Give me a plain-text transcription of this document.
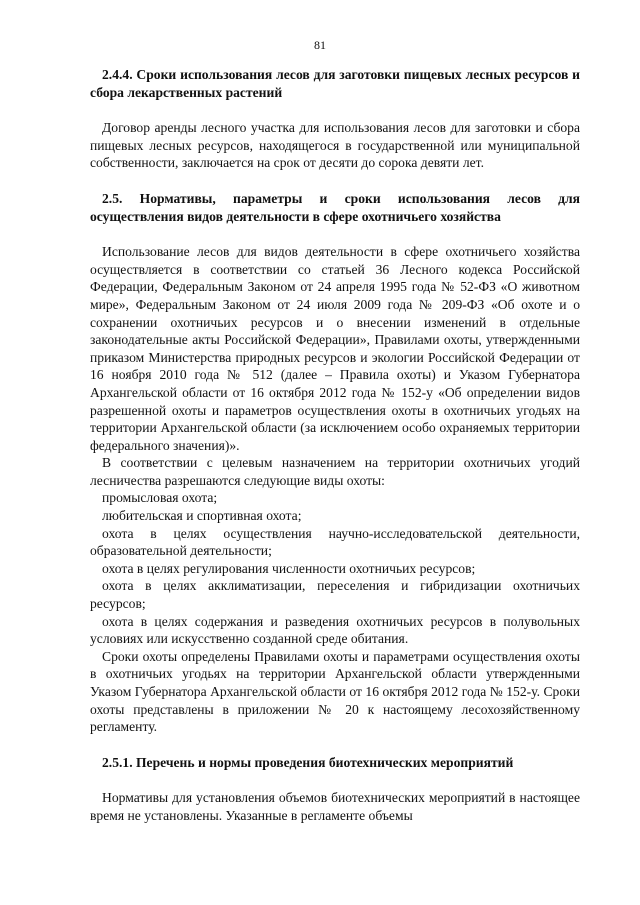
81
2.4.4. Сроки использования лесов для заготовки пищевых лесных ресурсов и сбора лекарственных растений

Договор аренды лесного участка для использования лесов для заготовки и сбора пищевых лесных ресурсов, находящегося в государственной или муниципальной собственности, заключается на срок от десяти до сорока девяти лет.

2.5. Нормативы, параметры и сроки использования лесов для осуществления видов деятельности в сфере охотничьего хозяйства

Использование лесов для видов деятельности в сфере охотничьего хозяйства осуществляется в соответствии со статьей 36 Лесного кодекса Российской Федерации, Федеральным Законом от 24 апреля 1995 года № 52-ФЗ «О животном мире», Федеральным Законом от 24 июля 2009 года № 209-ФЗ «Об охоте и о сохранении охотничьих ресурсов и о внесении изменений в отдельные законодательные акты Российской Федерации», Правилами охоты, утвержденными приказом Министерства природных ресурсов и экологии Российской Федерации от 16 ноября 2010 года № 512 (далее – Правила охоты) и Указом Губернатора Архангельской области от 16 октября 2012 года № 152-у «Об определении видов разрешенной охоты и параметров осуществления охоты в охотничьих угодьях на территории Архангельской области (за исключением особо охраняемых территории федерального значения)».

В соответствии с целевым назначением на территории охотничьих угодий лесничества разрешаются следующие виды охоты:

промысловая охота;
любительская и спортивная охота;
охота в целях осуществления научно-исследовательской деятельности, образовательной деятельности;
охота в целях регулирования численности охотничьих ресурсов;
охота в целях акклиматизации, переселения и гибридизации охотничьих ресурсов;
охота в целях содержания и разведения охотничьих ресурсов в полувольных условиях или искусственно созданной среде обитания.

Сроки охоты определены Правилами охоты и параметрами осуществления охоты в охотничьих угодьях на территории Архангельской области утвержденными Указом Губернатора Архангельской области от 16 октября 2012 года № 152-у. Сроки охоты представлены в приложении № 20 к настоящему лесохозяйственному регламенту.

2.5.1. Перечень и нормы проведения биотехнических мероприятий

Нормативы для установления объемов биотехнических мероприятий в настоящее время не установлены. Указанные в регламенте объемы
